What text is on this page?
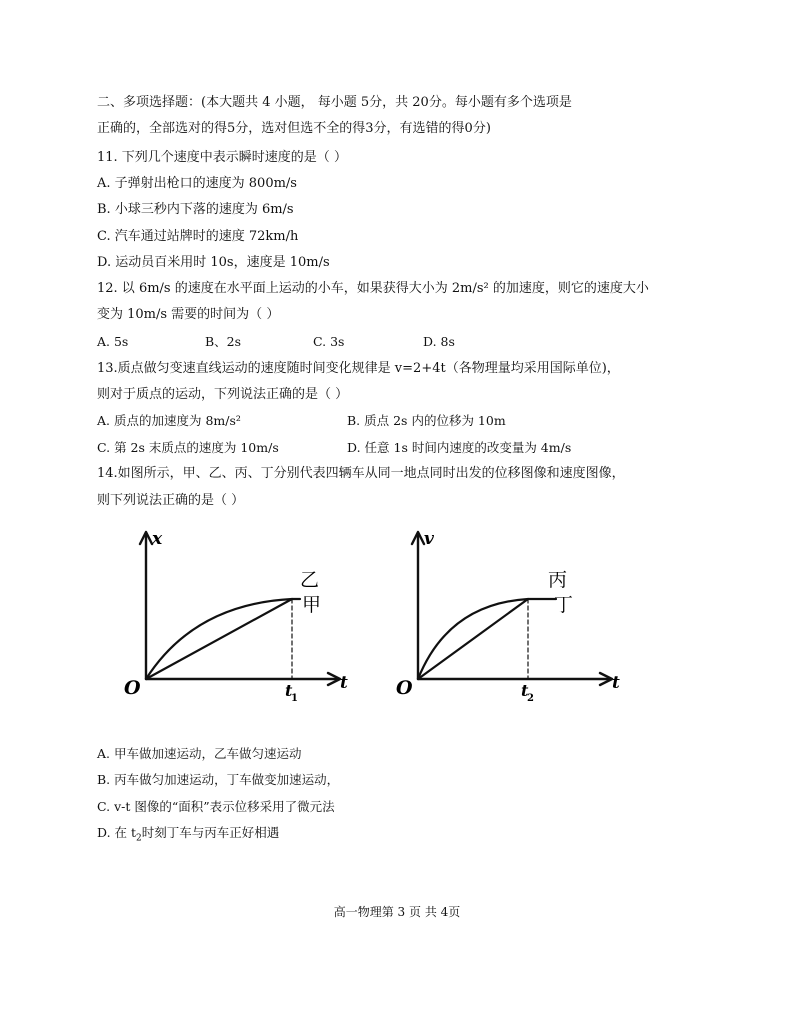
二、多项选择题：(本大题共 4 小题， 每小题 5分，共 20分。每小题有多个选项是
正确的，全部选对的得5分，选对但选不全的得3分，有选错的得0分)
11. 下列几个速度中表示瞬时速度的是（ ）
A. 子弹射出枪口的速度为 800m/s
B. 小球三秒内下落的速度为 6m/s
C. 汽车通过站牌时的速度 72km/h
D. 运动员百米用时 10s，速度是 10m/s
12. 以 6m/s 的速度在水平面上运动的小车，如果获得大小为 2m/s² 的加速度，则它的速度大小
变为 10m/s 需要的时间为（ ）
A. 5s	B、2s	C. 3s	D. 8s
13.质点做匀变速直线运动的速度随时间变化规律是 v=2+4t（各物理量均采用国际单位)，
则对于质点的运动，下列说法正确的是（ ）
A. 质点的加速度为 8m/s²	B. 质点 2s 内的位移为 10m
C. 第 2s 末质点的速度为 10m/s	D. 任意 1s 时间内速度的改变量为 4m/s
14.如图所示，甲、乙、丙、丁分别代表四辆车从同一地点同时出发的位移图像和速度图像，
则下列说法正确的是（ ）
x
t
O	t
1
乙
甲
v
t
O	t
2
丙
丁
A. 甲车做加速运动，乙车做匀速运动
B. 丙车做匀加速运动，丁车做变加速运动，
C. v-t 图像的“面积”表示位移采用了微元法
D. 在 $t_2$时刻丁车与丙车正好相遇
高一物理第 3 页 共 4页
